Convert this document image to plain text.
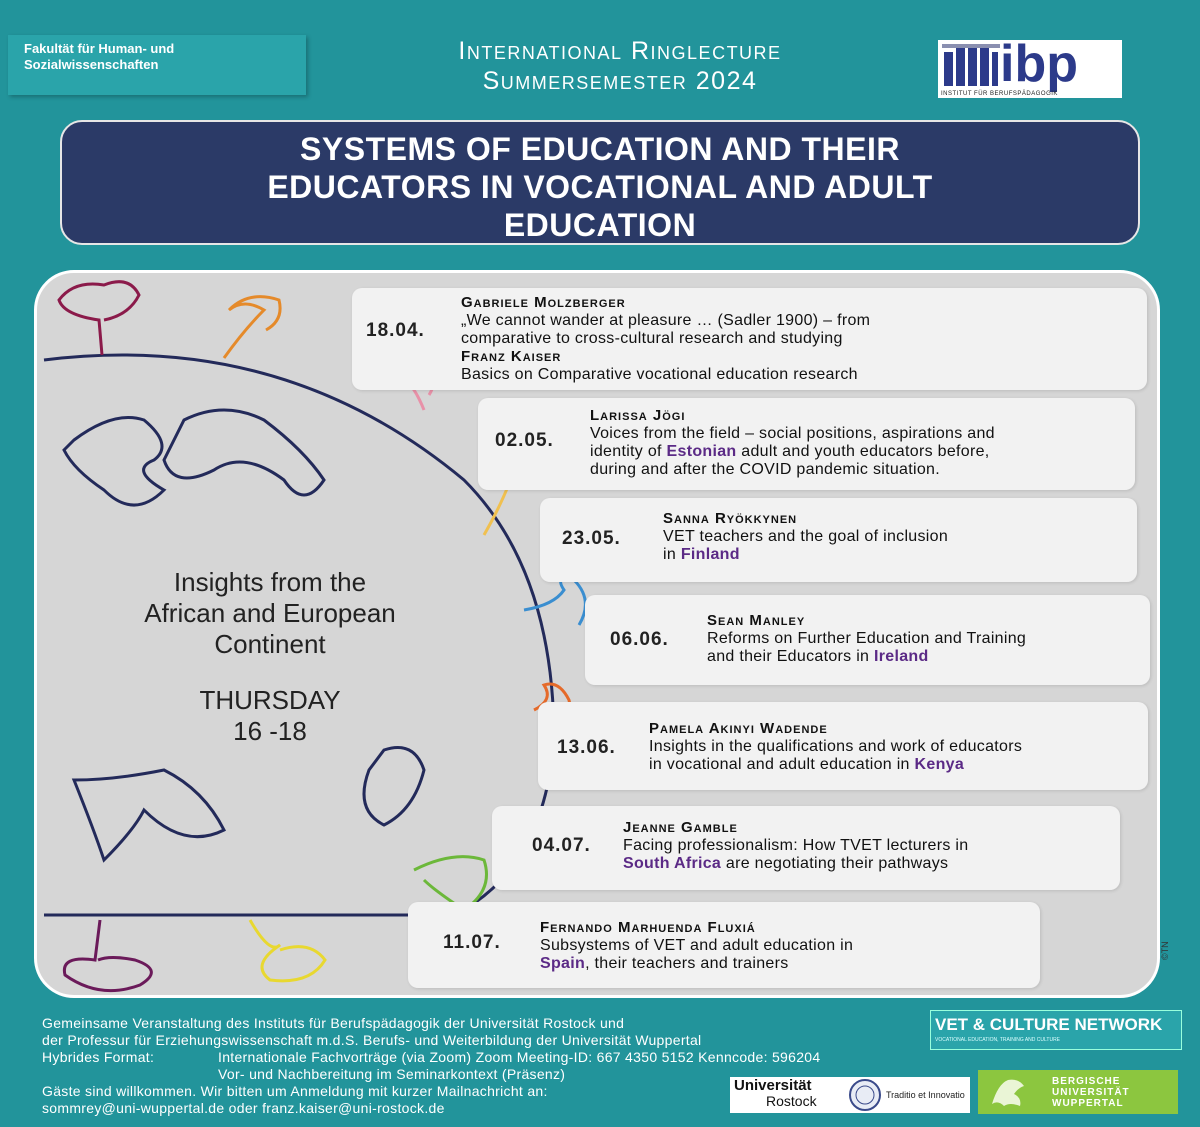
Fakultät für Human- und
Sozialwissenschaften	International Ringlecture
Summersemester 2024	ibp
INSTITUT FÜR BERUFSPÄDAGOGIK
SYSTEMS OF EDUCATION AND THEIR
EDUCATORS IN VOCATIONAL AND ADULT
EDUCATION
Insights from the
African and European
Continent
THURSDAY
16 -18
18.04.
Gabriele Molzberger
„We cannot wander at pleasure … (Sadler 1900) – from
comparative to cross-cultural research and studying
Franz Kaiser
Basics on Comparative vocational education research
02.05.
Larissa Jögi
Voices from the field – social positions, aspirations and
identity of Estonian adult and youth educators before,
during and after the COVID pandemic situation.
23.05.
Sanna Ryökkynen
VET teachers and the goal of inclusion
in Finland
06.06.
Sean Manley
Reforms on Further Education and Training
and their Educators in Ireland
13.06.
Pamela Akinyi Wadende
Insights in the qualifications and work of educators
in vocational and adult education in Kenya
04.07.
Jeanne Gamble
Facing professionalism: How TVET lecturers in
South Africa are negotiating their pathways
11.07.
Fernando Marhuenda Fluxiá
Subsystems of VET and adult education in
Spain, their teachers and trainers
©TN
Gemeinsame Veranstaltung des Instituts für Berufspädagogik der Universität Rostock und
der Professur für Erziehungswissenschaft m.d.S. Berufs- und Weiterbildung der Universität Wuppertal
Hybrides Format:	Internationale Fachvorträge (via Zoom) Zoom Meeting-ID: 667 4350 5152 Kenncode: 596204
Vor- und Nachbereitung im Seminarkontext (Präsenz)
Gäste sind willkommen. Wir bitten um Anmeldung mit kurzer Mailnachricht an:
sommrey@uni-wuppertal.de oder franz.kaiser@uni-rostock.de
VET & CULTURE NETWORK
VOCATIONAL EDUCATION, TRAINING AND CULTURE
Universität
Rostock	Traditio et Innovatio
BERGISCHE
UNIVERSITÄT
WUPPERTAL
